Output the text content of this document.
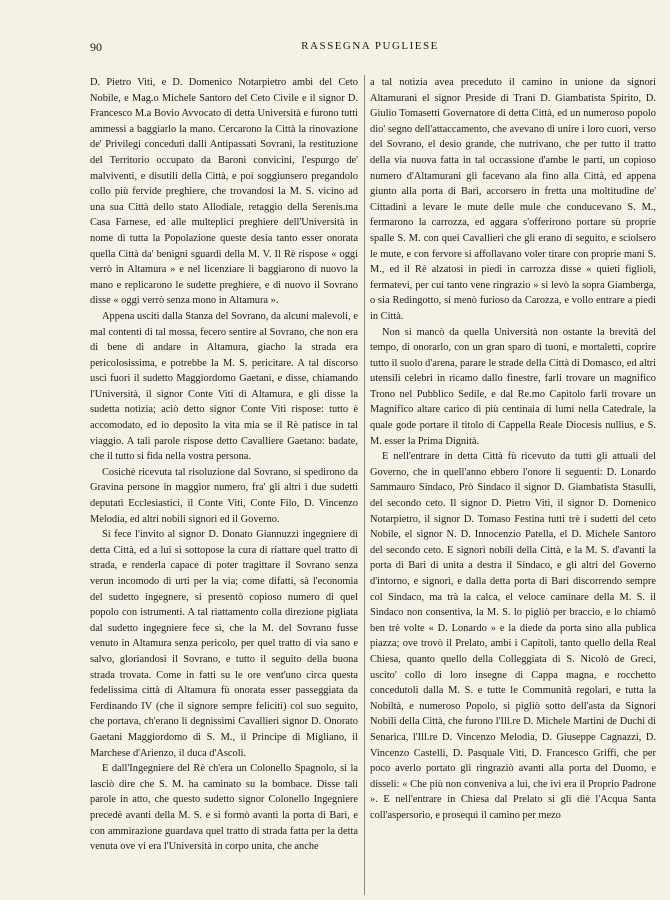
90	RASSEGNA PUGLIESE

D. Pietro Viti, e D. Domenico Notarpietro ambi del Ceto Nobile, e Mag.o Michele Santoro del Ceto Civile e il signor D. Francesco M.a Bovio Avvocato di detta Università e furono tutti ammessi a baggiarlo la mano. Cercarono la Città la rinovazione de' Privilegi conceduti dalli Antipassati Sovrani, la restituzione del Territorio occupato da Baroni convicini, l'espurgo de' malviventi, e disutili della Città, e poi soggiunsero pregandolo collo più fervide preghiere, che trovandosi la M. S. vicino ad una sua Città dello stato Allodiale, retaggio della Serenis.ma Casa Farnese, ed alle multeplici preghiere dell'Università in nome di tutta la Popolazione queste desia tanto esser onorata quella Città da' benigni sguardi della M. V. Il Rè rispose « oggi verrò in Altamura » e nel licenziare li baggiarono di nuovo la mano e replicarono le sudette preghiere, e di nuovo il Sovrano disse « oggi verrò senza mono in Altamura ».

Appena usciti dalla Stanza del Sovrano, da alcuni malevoli, e mal contenti di tal mossa, fecero sentire al Sovrano, che non era di bene di andare in Altamura, giacho la strada era pericolosissima, e potrebbe la M. S. pericitare. A tal discorso usci fuori il sudetto Maggiordomo Gaetani, e disse, chiamando l'Università, il signor Conte Viti di Altamura, e gli disse la sudetta notizia; aciò detto signor Conte Viti rispose: tutto è accomodato, ed io deposito la vita mia se il Rè patisce in tal viaggio. A tali parole rispose detto Cavalliere Gaetano: badate, che il tutto si fida nella vostra persona.

Cosichè ricevuta tal risoluzione dal Sovrano, si spedirono da Gravina persone in maggior numero, fra' gli altri i due sudetti deputati Ecclesiastici, il Conte Viti, Conte Filo, D. Vincenzo Melodia, ed altri nobili signori ed il Governo.

Si fece l'invito al signor D. Donato Giannuzzi ingegniere di detta Città, ed a lui si sottopose la cura di riattare quel tratto di strada, e renderla capace di poter tragittare il Sovrano senza verun incomodo di urti per la via; come difatti, sà l'economia del sudetto ingegnere, si presentò copioso numero di quel popolo con istrumenti. A tal riattamento colla direzione pigliata dal sudetto ingegniere fece sì, che la M. del Sovrano fusse venuto in Altamura senza pericolo, per quel tratto di via sano e salvo, gloriandosi il Sovrano, e tutto il seguito della buona strada trovata. Come in fatti su le ore vent'uno circa questa fedelissima città di Altamura fù onorata esser passeggiata da Ferdinando IV (che il signore sempre felicitì) col suo seguito, che portava, ch'erano li degnissimi Cavallieri signor D. Onorato Gaetani Maggiordomo di S. M., il Principe di Migliano, il Marchese d'Arienzo, il duca d'Ascoli.

E dall'Ingegniere del Rè ch'era un Colonello Spagnolo, si la lasciò dire che S. M. ha caminato su la bombace. Disse tali parole in atto, che questo sudetto signor Colonello Ingegniere precedè avanti della M. S. e si formò avanti la porta di Bari, e con ammirazione guardava quel tratto di strada fatta per la detta venuta ove vi era l'Università in corpo unita, che anche

a tal notizia avea preceduto il camino in unione da signori Altamurani el signor Preside di Trani D. Giambatista Spirito, D. Giulio Tomasetti Governatore di detta Città, ed un numeroso popolo dio' segno dell'attaccamento, che avevano di unire i loro cuori, verso del Sovrano, el desio grande, che nutrivano, che per tutto il tratto della via nuova fatta in tal occassione d'ambe le parti, un copioso numero d'Altamurani gli facevano ala fino alla Città, ed appena giunto alla porta di Bari, accorsero in fretta una moltitudine de' Cittadini a levare le mute delle mule che conducevano S. M., fermarono la carrozza, ed aggara s'offerirono portare sù proprie spalle S. M. con quei Cavallieri che gli erano di seguito, e sciolsero le mute, e con fervore si affollavano voler tirare con proprie mani S. M., ed il Rè alzatosi in piedi in carrozza disse « quieti figlioli, fermatevi, per cui tanto vene ringrazio » si levò la sopra Giamberga, o sia Redingotto, si menò furioso da Carozza, e vollo entrare a piedi in Città.

Non si mancò da quella Università non ostante la brevità del tempo, di onorarlo, con un gran sparo di tuoni, e mortaletti, coprire tutto il suolo d'arena, parare le strade della Città di Domasco, ed altri utensili celebri in ricamo dallo finestre, farli trovare un magnifico Trono nel Pubblico Sedile, e dal Re.mo Capitolo farli trovare un Magnifico altare carico di più centinaia di lumi nella Catedrale, la quale gode portare il titolo di Cappella Reale Diocesis nullius, e S. M. esser la Prima Dignità.

E nell'entrare in detta Città fù ricevuto da tutti gli attuali del Governo, che in quell'anno ebbero l'onore li seguenti: D. Lonardo Sammauro Sindaco, Prò Sindaco il signor D. Giambatista Stasulli, del secondo ceto. Il signor D. Pietro Viti, il signor D. Domenico Notarpietro, il signor D. Tomaso Festina tutti trè i sudetti del ceto Nobile, el signor N. D. Innocenzio Patella, el D. Michele Santoro del secondo ceto. E signori nobili della Città, e la M. S. d'avanti la porta di Bari di unita a destra il Sindaco, e gli altri del Governo d'intorno, e signori, e dalla detta porta di Bari discorrendo sempre col Sindaco, ma trà la calca, el veloce caminare della M. S. il Sindaco non consentiva, la M. S. lo pigliò per braccio, e lo chiamò ben trè volte « D. Lonardo » e la diede da porta sino alla publica piazza; ove trovò il Prelato, ambi i Capitoli, tanto quello della Real Chiesa, quanto quello della Colleggiata di S. Nicolò de Greci, uscito' collo di loro insegne di Cappa magna, e rocchetto concedutoli dalla M. S. e tutte le Communità regolari, e tutta la Nobiltà, e numeroso Popolo, si pigliò sotto dell'asta da Signori Nobili della Città, che furono l'Ill.re D. Michele Martini de Duchi di Senarica, l'Ill.re D. Vincenzo Melodia, D. Giuseppe Cagnazzi, D. Vincenzo Castelli, D. Pasquale Viti, D. Francesco Griffi, che per poco averlo portato gli ringraziò avanti alla porta del Duomo, e disseli: « Che più non conveniva a lui, che ivi era il Proprio Padrone ». E nell'entrare in Chiesa dal Prelato si gli diè l'Acqua Santa coll'aspersorio, e prosequì il camino per mezo
